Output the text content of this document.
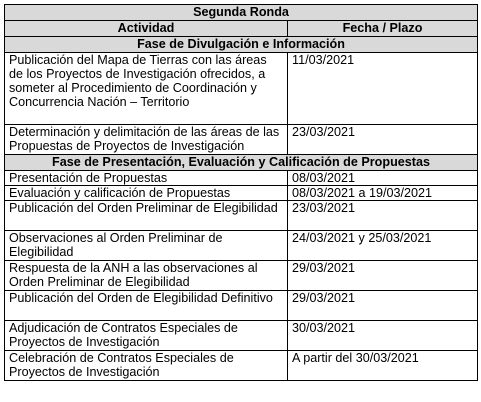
Segunda Ronda	
Actividad	Fecha / Plazo
Fase de Divulgación e Información	
Publicación del Mapa de Tierras con las áreas de los Proyectos de Investigación ofrecidos, a someter al Procedimiento de Coordinación y Concurrencia Nación – Territorio	11/03/2021
Determinación y delimitación de las áreas de las Propuestas de Proyectos de Investigación	23/03/2021
Fase de Presentación, Evaluación y Calificación de Propuestas	
Presentación de Propuestas	08/03/2021
Evaluación y calificación de Propuestas	08/03/2021 a 19/03/2021
Publicación del Orden Preliminar de Elegibilidad	23/03/2021
Observaciones al Orden Preliminar de Elegibilidad	24/03/2021 y 25/03/2021
Respuesta de la ANH a las observaciones al Orden Preliminar de Elegibilidad	29/03/2021
Publicación del Orden de Elegibilidad Definitivo	29/03/2021
Adjudicación de Contratos Especiales de Proyectos de Investigación	30/03/2021
Celebración de Contratos Especiales de Proyectos de Investigación	A partir del 30/03/2021
